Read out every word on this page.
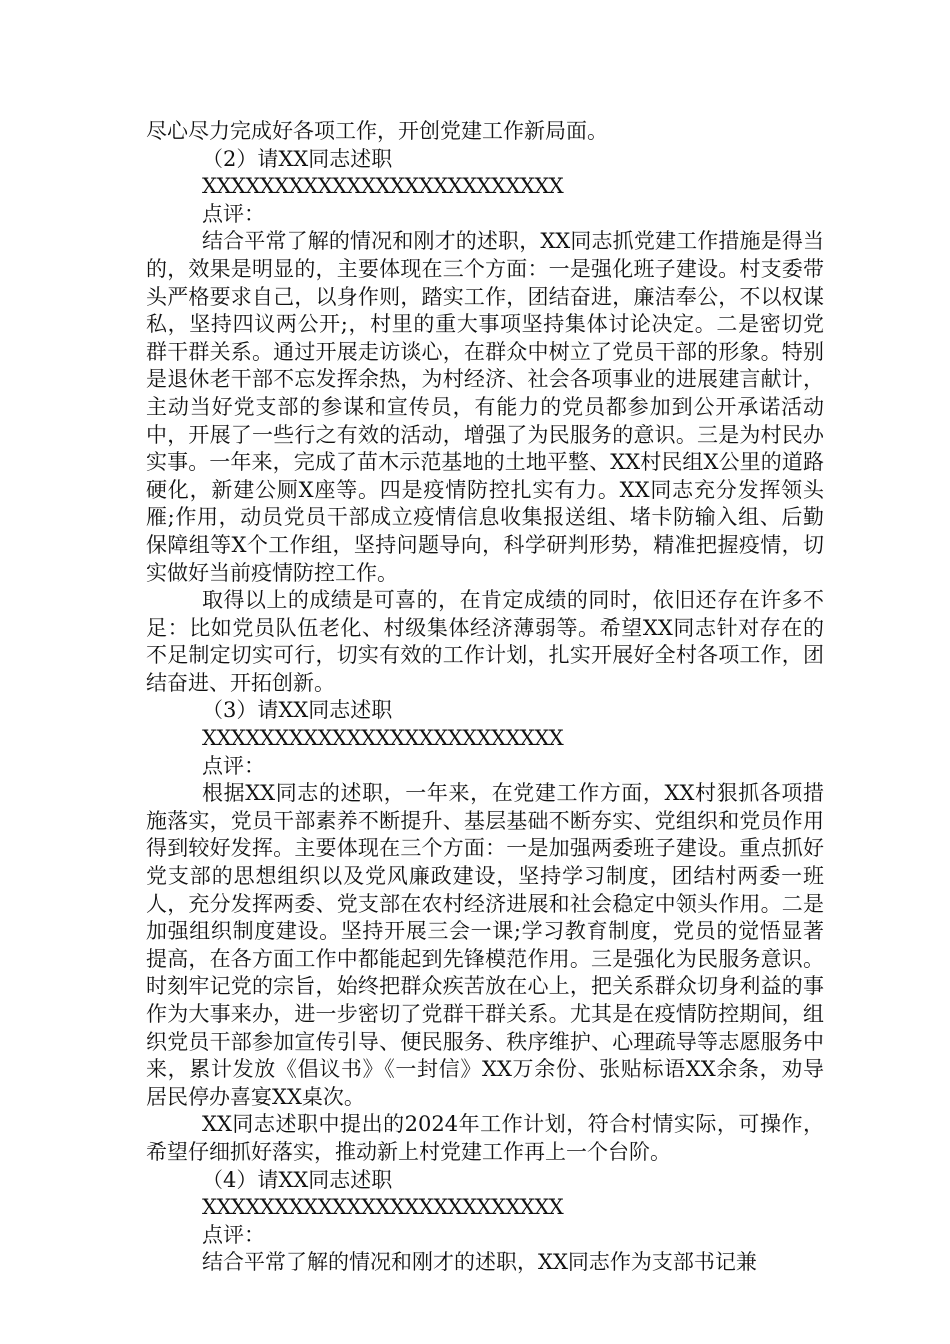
尽心尽力完成好各项工作，开创党建工作新局面。

（2）请XX同志述职

XXXXXXXXXXXXXXXXXXXXXXXXX

点评：

结合平常了解的情况和刚才的述职，XX同志抓党建工作措施是得当的，效果是明显的，主要体现在三个方面：一是强化班子建设。村支委带头严格要求自己，以身作则，踏实工作，团结奋进，廉洁奉公，不以权谋私，坚持四议两公开;，村里的重大事项坚持集体讨论决定。二是密切党群干群关系。通过开展走访谈心，在群众中树立了党员干部的形象。特别是退休老干部不忘发挥余热，为村经济、社会各项事业的进展建言献计，主动当好党支部的参谋和宣传员，有能力的党员都参加到公开承诺活动中，开展了一些行之有效的活动，增强了为民服务的意识。三是为村民办实事。一年来，完成了苗木示范基地的土地平整、XX村民组X公里的道路硬化，新建公厕X座等。四是疫情防控扎实有力。XX同志充分发挥领头雁;作用，动员党员干部成立疫情信息收集报送组、堵卡防输入组、后勤保障组等X个工作组，坚持问题导向，科学研判形势，精准把握疫情，切实做好当前疫情防控工作。

取得以上的成绩是可喜的，在肯定成绩的同时，依旧还存在许多不足：比如党员队伍老化、村级集体经济薄弱等。希望XX同志针对存在的不足制定切实可行，切实有效的工作计划，扎实开展好全村各项工作，团结奋进、开拓创新。

（3）请XX同志述职

XXXXXXXXXXXXXXXXXXXXXXXXX

点评：

根据XX同志的述职，一年来，在党建工作方面，XX村狠抓各项措施落实，党员干部素养不断提升、基层基础不断夯实、党组织和党员作用得到较好发挥。主要体现在三个方面：一是加强两委班子建设。重点抓好党支部的思想组织以及党风廉政建设，坚持学习制度，团结村两委一班人，充分发挥两委、党支部在农村经济进展和社会稳定中领头作用。二是加强组织制度建设。坚持开展三会一课;学习教育制度，党员的觉悟显著提高，在各方面工作中都能起到先锋模范作用。三是强化为民服务意识。时刻牢记党的宗旨，始终把群众疾苦放在心上，把关系群众切身利益的事作为大事来办，进一步密切了党群干群关系。尤其是在疫情防控期间，组织党员干部参加宣传引导、便民服务、秩序维护、心理疏导等志愿服务中来，累计发放《倡议书》《一封信》XX万余份、张贴标语XX余条，劝导居民停办喜宴XX桌次。

XX同志述职中提出的2024年工作计划，符合村情实际，可操作，希望仔细抓好落实，推动新上村党建工作再上一个台阶。

（4）请XX同志述职

XXXXXXXXXXXXXXXXXXXXXXXXX

点评：

结合平常了解的情况和刚才的述职，XX同志作为支部书记兼
